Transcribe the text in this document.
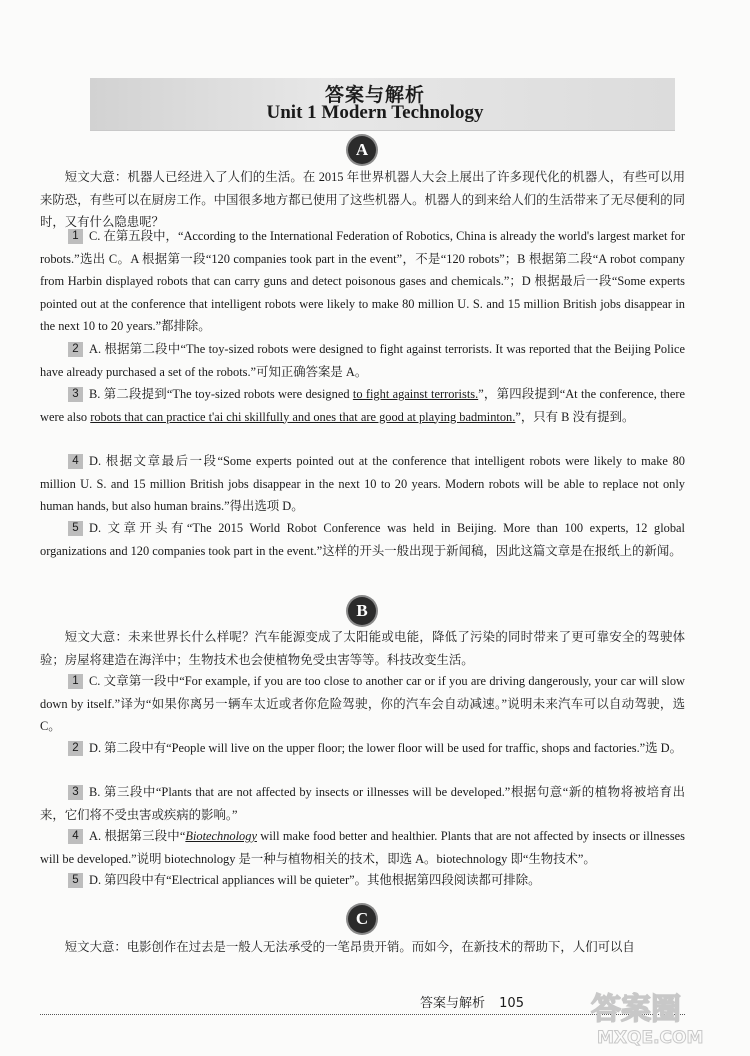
答案与解析
Unit 1 Modern Technology
A
短文大意：机器人已经进入了人们的生活。在 2015 年世界机器人大会上展出了许多现代化的机器人，有些可以用来防恐，有些可以在厨房工作。中国很多地方都已使用了这些机器人。机器人的到来给人们的生活带来了无尽便利的同时，又有什么隐患呢？
1 C. 在第五段中，“According to the International Federation of Robotics, China is already the world's largest market for robots.”选出 C。A 根据第一段“120 companies took part in the event”，不是“120 robots”；B 根据第二段“A robot company from Harbin displayed robots that can carry guns and detect poisonous gases and chemicals.”；D 根据最后一段“Some experts pointed out at the conference that intelligent robots were likely to make 80 million U. S. and 15 million British jobs disappear in the next 10 to 20 years.”都排除。
2 A. 根据第二段中“The toy-sized robots were designed to fight against terrorists. It was reported that the Beijing Police have already purchased a set of the robots.”可知正确答案是 A。
3 B. 第二段提到“The toy-sized robots were designed to fight against terrorists.”，第四段提到“At the conference, there were also robots that can practice t'ai chi skillfully and ones that are good at playing badminton.”，只有 B 没有提到。
4 D. 根据文章最后一段“Some experts pointed out at the conference that intelligent robots were likely to make 80 million U. S. and 15 million British jobs disappear in the next 10 to 20 years. Modern robots will be able to replace not only human hands, but also human brains.”得出选项 D。
5 D. 文章开头有“The 2015 World Robot Conference was held in Beijing. More than 100 experts, 12 global organizations and 120 companies took part in the event.”这样的开头一般出现于新闻稿，因此这篇文章是在报纸上的新闻。
B
短文大意：未来世界长什么样呢？汽车能源变成了太阳能或电能，降低了污染的同时带来了更可靠安全的驾驶体验；房屋将建造在海洋中；生物技术也会使植物免受虫害等等。科技改变生活。
1 C. 文章第一段中“For example, if you are too close to another car or if you are driving dangerously, your car will slow down by itself.”译为“如果你离另一辆车太近或者你危险驾驶，你的汽车会自动减速。”说明未来汽车可以自动驾驶，选 C。
2 D. 第二段中有“People will live on the upper floor; the lower floor will be used for traffic, shops and factories.”选 D。
3 B. 第三段中“Plants that are not affected by insects or illnesses will be developed.”根据句意“新的植物将被培育出来，它们将不受虫害或疾病的影响。”
4 A. 根据第三段中“Biotechnology will make food better and healthier. Plants that are not affected by insects or illnesses will be developed.”说明 biotechnology 是一种与植物相关的技术，即选 A。biotechnology 即“生物技术”。
5 D. 第四段中有“Electrical appliances will be quieter”。其他根据第四段阅读都可排除。
C
短文大意：电影创作在过去是一般人无法承受的一笔昂贵开销。而如今，在新技术的帮助下，人们可以自
答案与解析 105 答案圈
MXQE.COM
